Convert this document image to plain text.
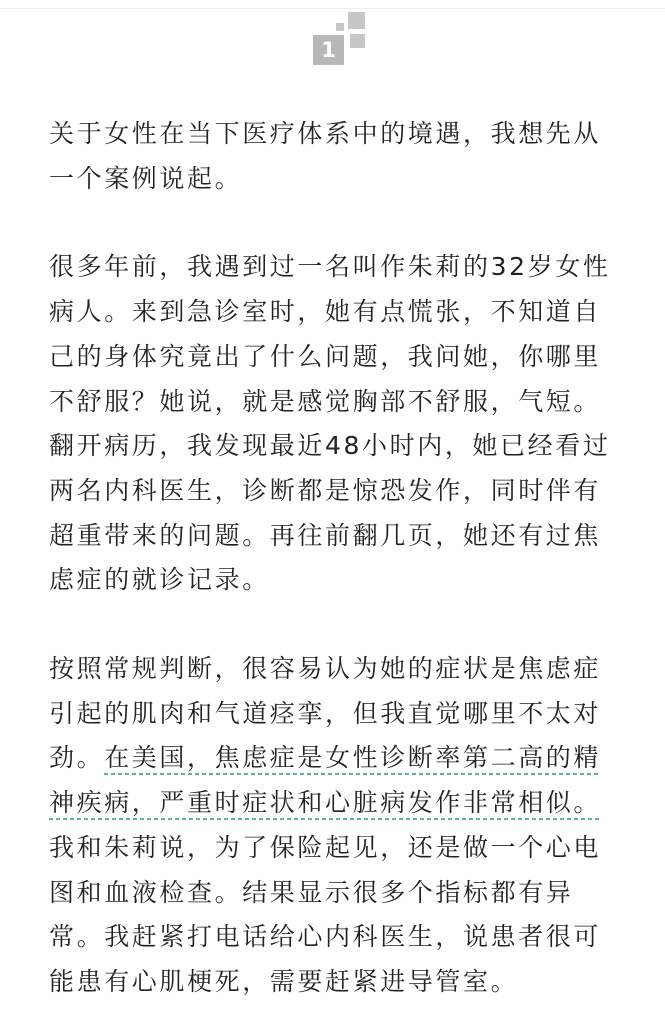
1

关于女性在当下医疗体系中的境遇，我想先从一个案例说起。

很多年前，我遇到过一名叫作朱莉的32岁女性病人。来到急诊室时，她有点慌张，不知道自己的身体究竟出了什么问题，我问她，你哪里不舒服？她说，就是感觉胸部不舒服，气短。翻开病历，我发现最近48小时内，她已经看过两名内科医生，诊断都是惊恐发作，同时伴有超重带来的问题。再往前翻几页，她还有过焦虑症的就诊记录。

按照常规判断，很容易认为她的症状是焦虑症引起的肌肉和气道痉挛，但我直觉哪里不太对劲。在美国，焦虑症是女性诊断率第二高的精神疾病，严重时症状和心脏病发作非常相似。我和朱莉说，为了保险起见，还是做一个心电图和血液检查。结果显示很多个指标都有异常。我赶紧打电话给心内科医生，说患者很可能患有心肌梗死，需要赶紧进导管室。
